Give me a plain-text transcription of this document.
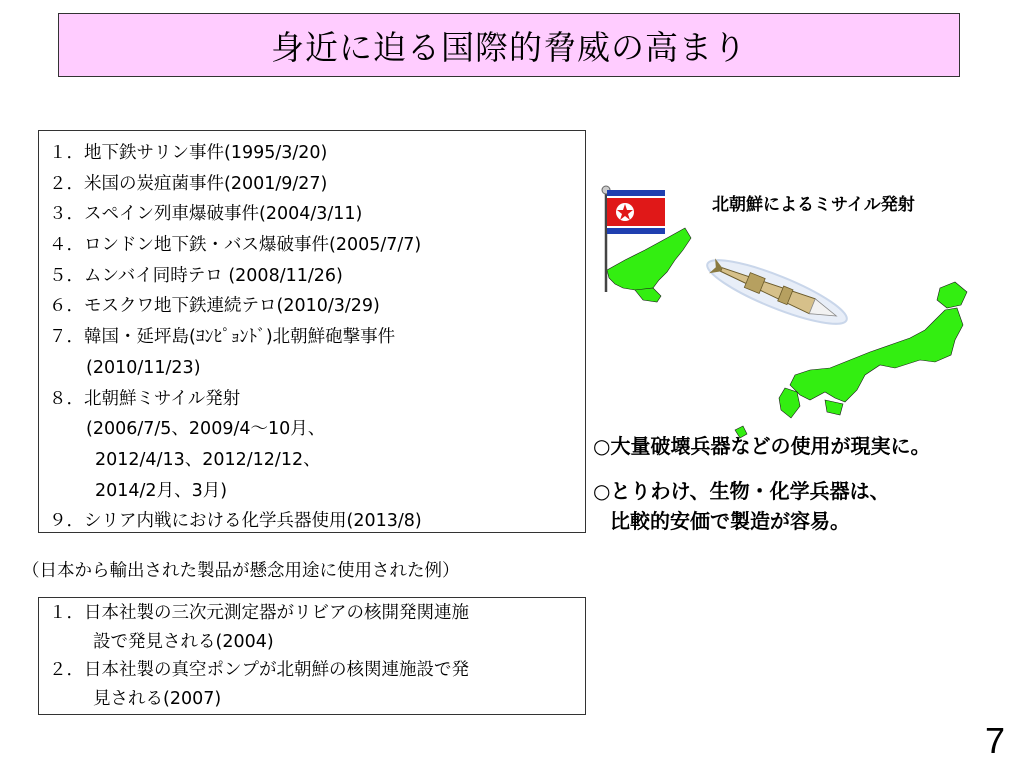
身近に迫る国際的脅威の高まり
１．地下鉄サリン事件(1995/3/20)
２．米国の炭疽菌事件(2001/9/27)
３．スペイン列車爆破事件(2004/3/11)
４．ロンドン地下鉄・バス爆破事件(2005/7/7)
５．ムンバイ同時テロ (2008/11/26)
６．モスクワ地下鉄連続テロ(2010/3/29)
７．韓国・延坪島(ﾖﾝﾋﾟｮﾝﾄﾞ)北朝鮮砲撃事件
(2010/11/23)
８．北朝鮮ミサイル発射
(2006/7/5、2009/4～10月、
2012/4/13、2012/12/12、
2014/2月、3月)
９．シリア内戦における化学兵器使用(2013/8)
（日本から輸出された製品が懸念用途に使用された例）
１．日本社製の三次元測定器がリビアの核開発関連施
設で発見される(2004)
２．日本社製の真空ポンプが北朝鮮の核関連施設で発
見される(2007)
北朝鮮によるミサイル発射
○大量破壊兵器などの使用が現実に。
○とりわけ、生物・化学兵器は、
比較的安価で製造が容易。
7
